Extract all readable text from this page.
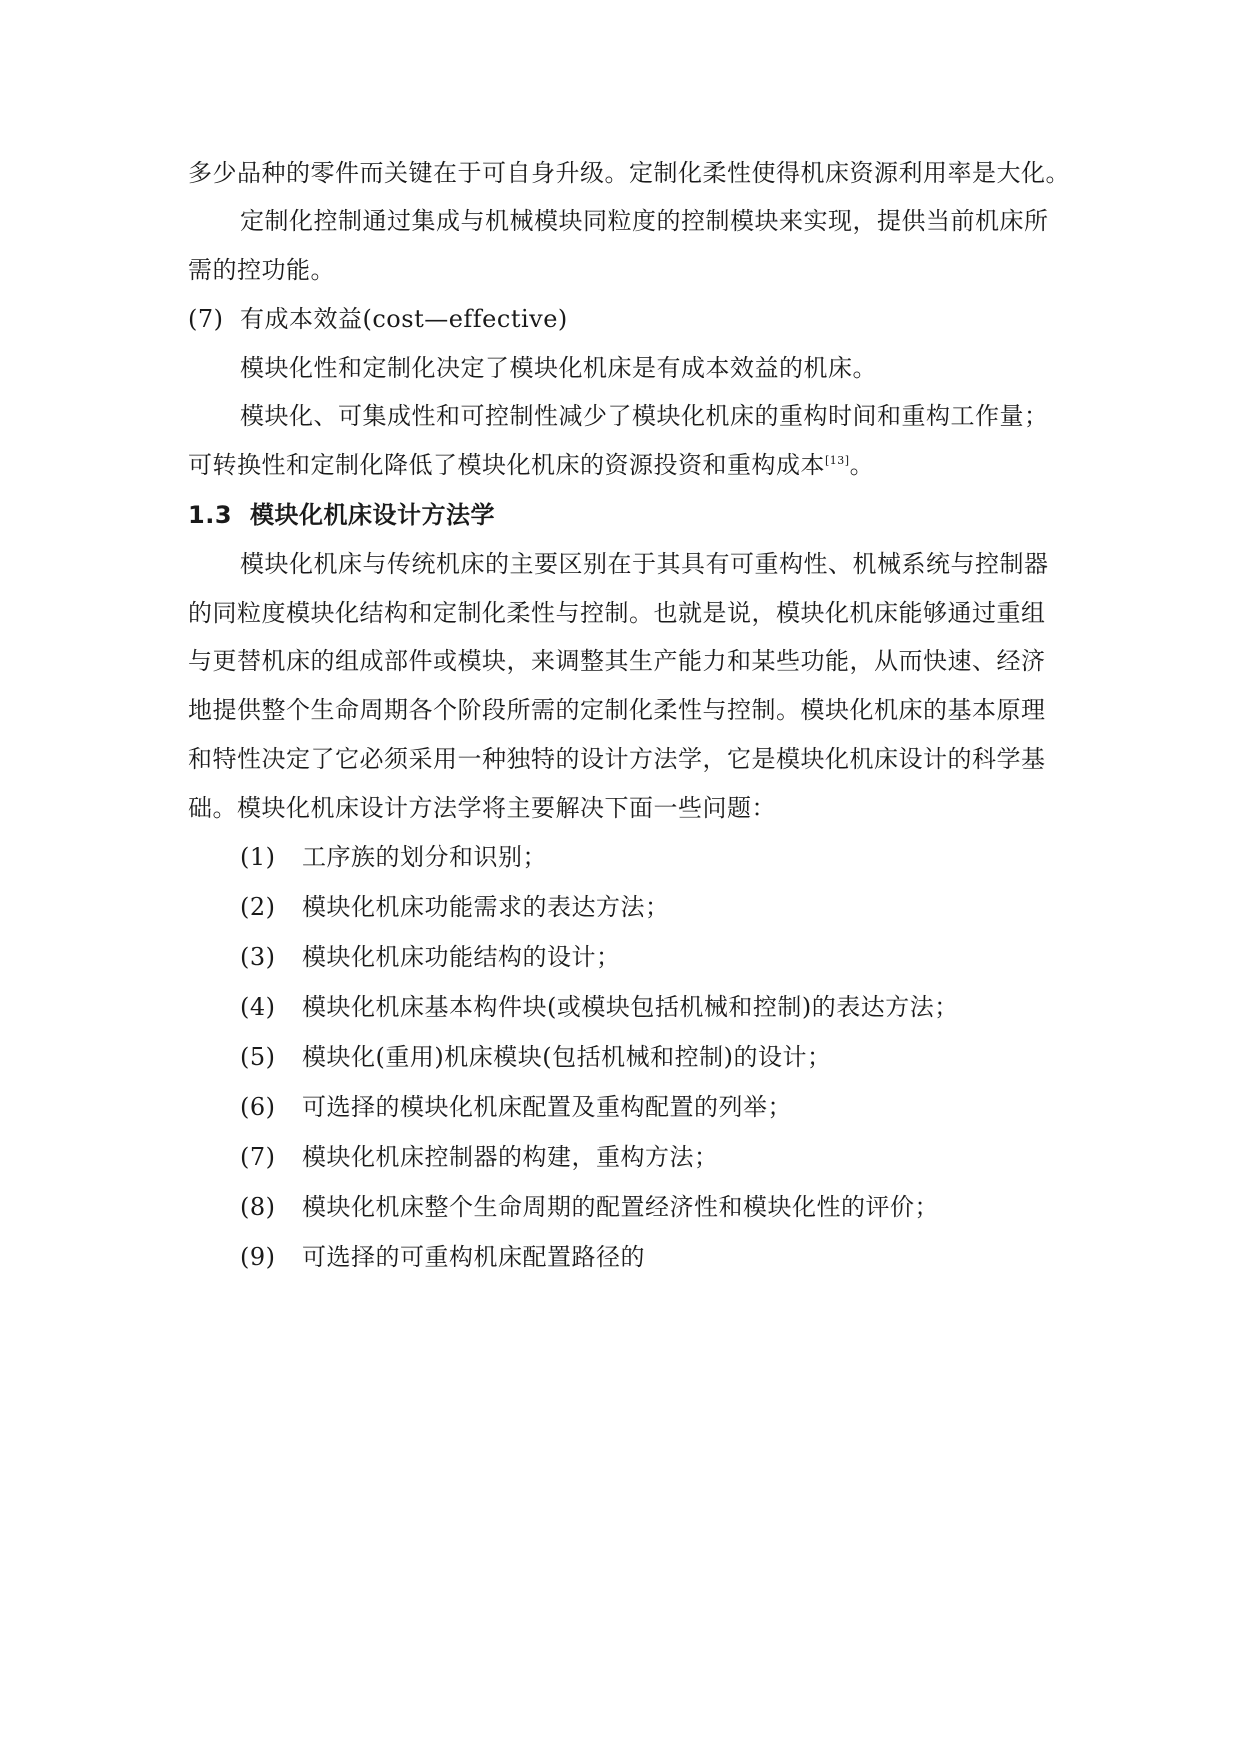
多少品种的零件而关键在于可自身升级。定制化柔性使得机床资源利用率是大化。
定制化控制通过集成与机械模块同粒度的控制模块来实现，提供当前机床所
需的控功能。
(7) 有成本效益(cost—effective)
模块化性和定制化决定了模块化机床是有成本效益的机床。
模块化、可集成性和可控制性减少了模块化机床的重构时间和重构工作量；
可转换性和定制化降低了模块化机床的资源投资和重构成本[13]。
1.3 模块化机床设计方法学
模块化机床与传统机床的主要区别在于其具有可重构性、机械系统与控制器
的同粒度模块化结构和定制化柔性与控制。也就是说，模块化机床能够通过重组
与更替机床的组成部件或模块，来调整其生产能力和某些功能，从而快速、经济
地提供整个生命周期各个阶段所需的定制化柔性与控制。模块化机床的基本原理
和特性决定了它必须采用一种独特的设计方法学，它是模块化机床设计的科学基
础。模块化机床设计方法学将主要解决下面一些问题：
(1) 工序族的划分和识别；
(2) 模块化机床功能需求的表达方法；
(3) 模块化机床功能结构的设计；
(4) 模块化机床基本构件块(或模块包括机械和控制)的表达方法；
(5) 模块化(重用)机床模块(包括机械和控制)的设计；
(6) 可选择的模块化机床配置及重构配置的列举；
(7) 模块化机床控制器的构建，重构方法；
(8) 模块化机床整个生命周期的配置经济性和模块化性的评价；
(9) 可选择的可重构机床配置路径的
